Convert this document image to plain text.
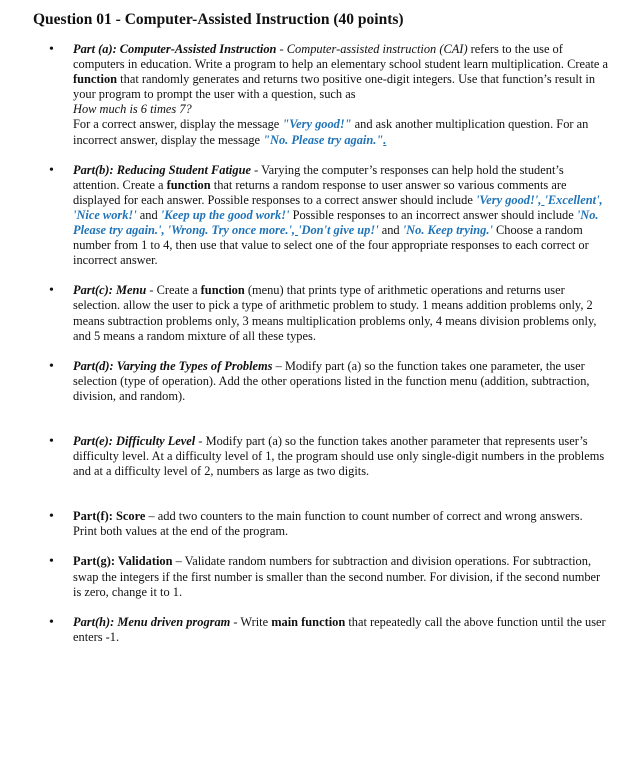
Question 01 - Computer-Assisted Instruction (40 points)
• Part (a): Computer-Assisted Instruction - Computer-assisted instruction (CAI) refers to the use of computers in education. Write a program to help an elementary school student learn multiplication. Create a function that randomly generates and returns two positive one-digit integers. Use that function’s result in your program to prompt the user with a question, such as
How much is 6 times 7?
For a correct answer, display the message "Very good!" and ask another multiplication question. For an incorrect answer, display the message "No. Please try again.".
• Part(b): Reducing Student Fatigue - Varying the computer’s responses can help hold the student’s attention. Create a function that returns a random response to user answer so various comments are displayed for each answer. Possible responses to a correct answer should include 'Very good!', 'Excellent', 'Nice work!' and 'Keep up the good work!' Possible responses to an incorrect answer should include 'No. Please try again.', 'Wrong. Try once more.', 'Don't give up!' and 'No. Keep trying.' Choose a random number from 1 to 4, then use that value to select one of the four appropriate responses to each correct or incorrect answer.
• Part(c): Menu - Create a function (menu) that prints type of arithmetic operations and returns user selection. allow the user to pick a type of arithmetic problem to study. 1 means addition problems only, 2 means subtraction problems only, 3 means multiplication problems only, 4 means division problems only, and 5 means a random mixture of all these types.
• Part(d): Varying the Types of Problems – Modify part (a) so the function takes one parameter, the user selection (type of operation). Add the other operations listed in the function menu (addition, subtraction, division, and random).
• Part(e): Difficulty Level - Modify part (a) so the function takes another parameter that represents user’s difficulty level. At a difficulty level of 1, the program should use only single-digit numbers in the problems and at a difficulty level of 2, numbers as large as two digits.
• Part(f): Score – add two counters to the main function to count number of correct and wrong answers. Print both values at the end of the program.
• Part(g): Validation – Validate random numbers for subtraction and division operations. For subtraction, swap the integers if the first number is smaller than the second number. For division, if the second number is zero, change it to 1.
• Part(h): Menu driven program - Write main function that repeatedly call the above function until the user enters -1.
